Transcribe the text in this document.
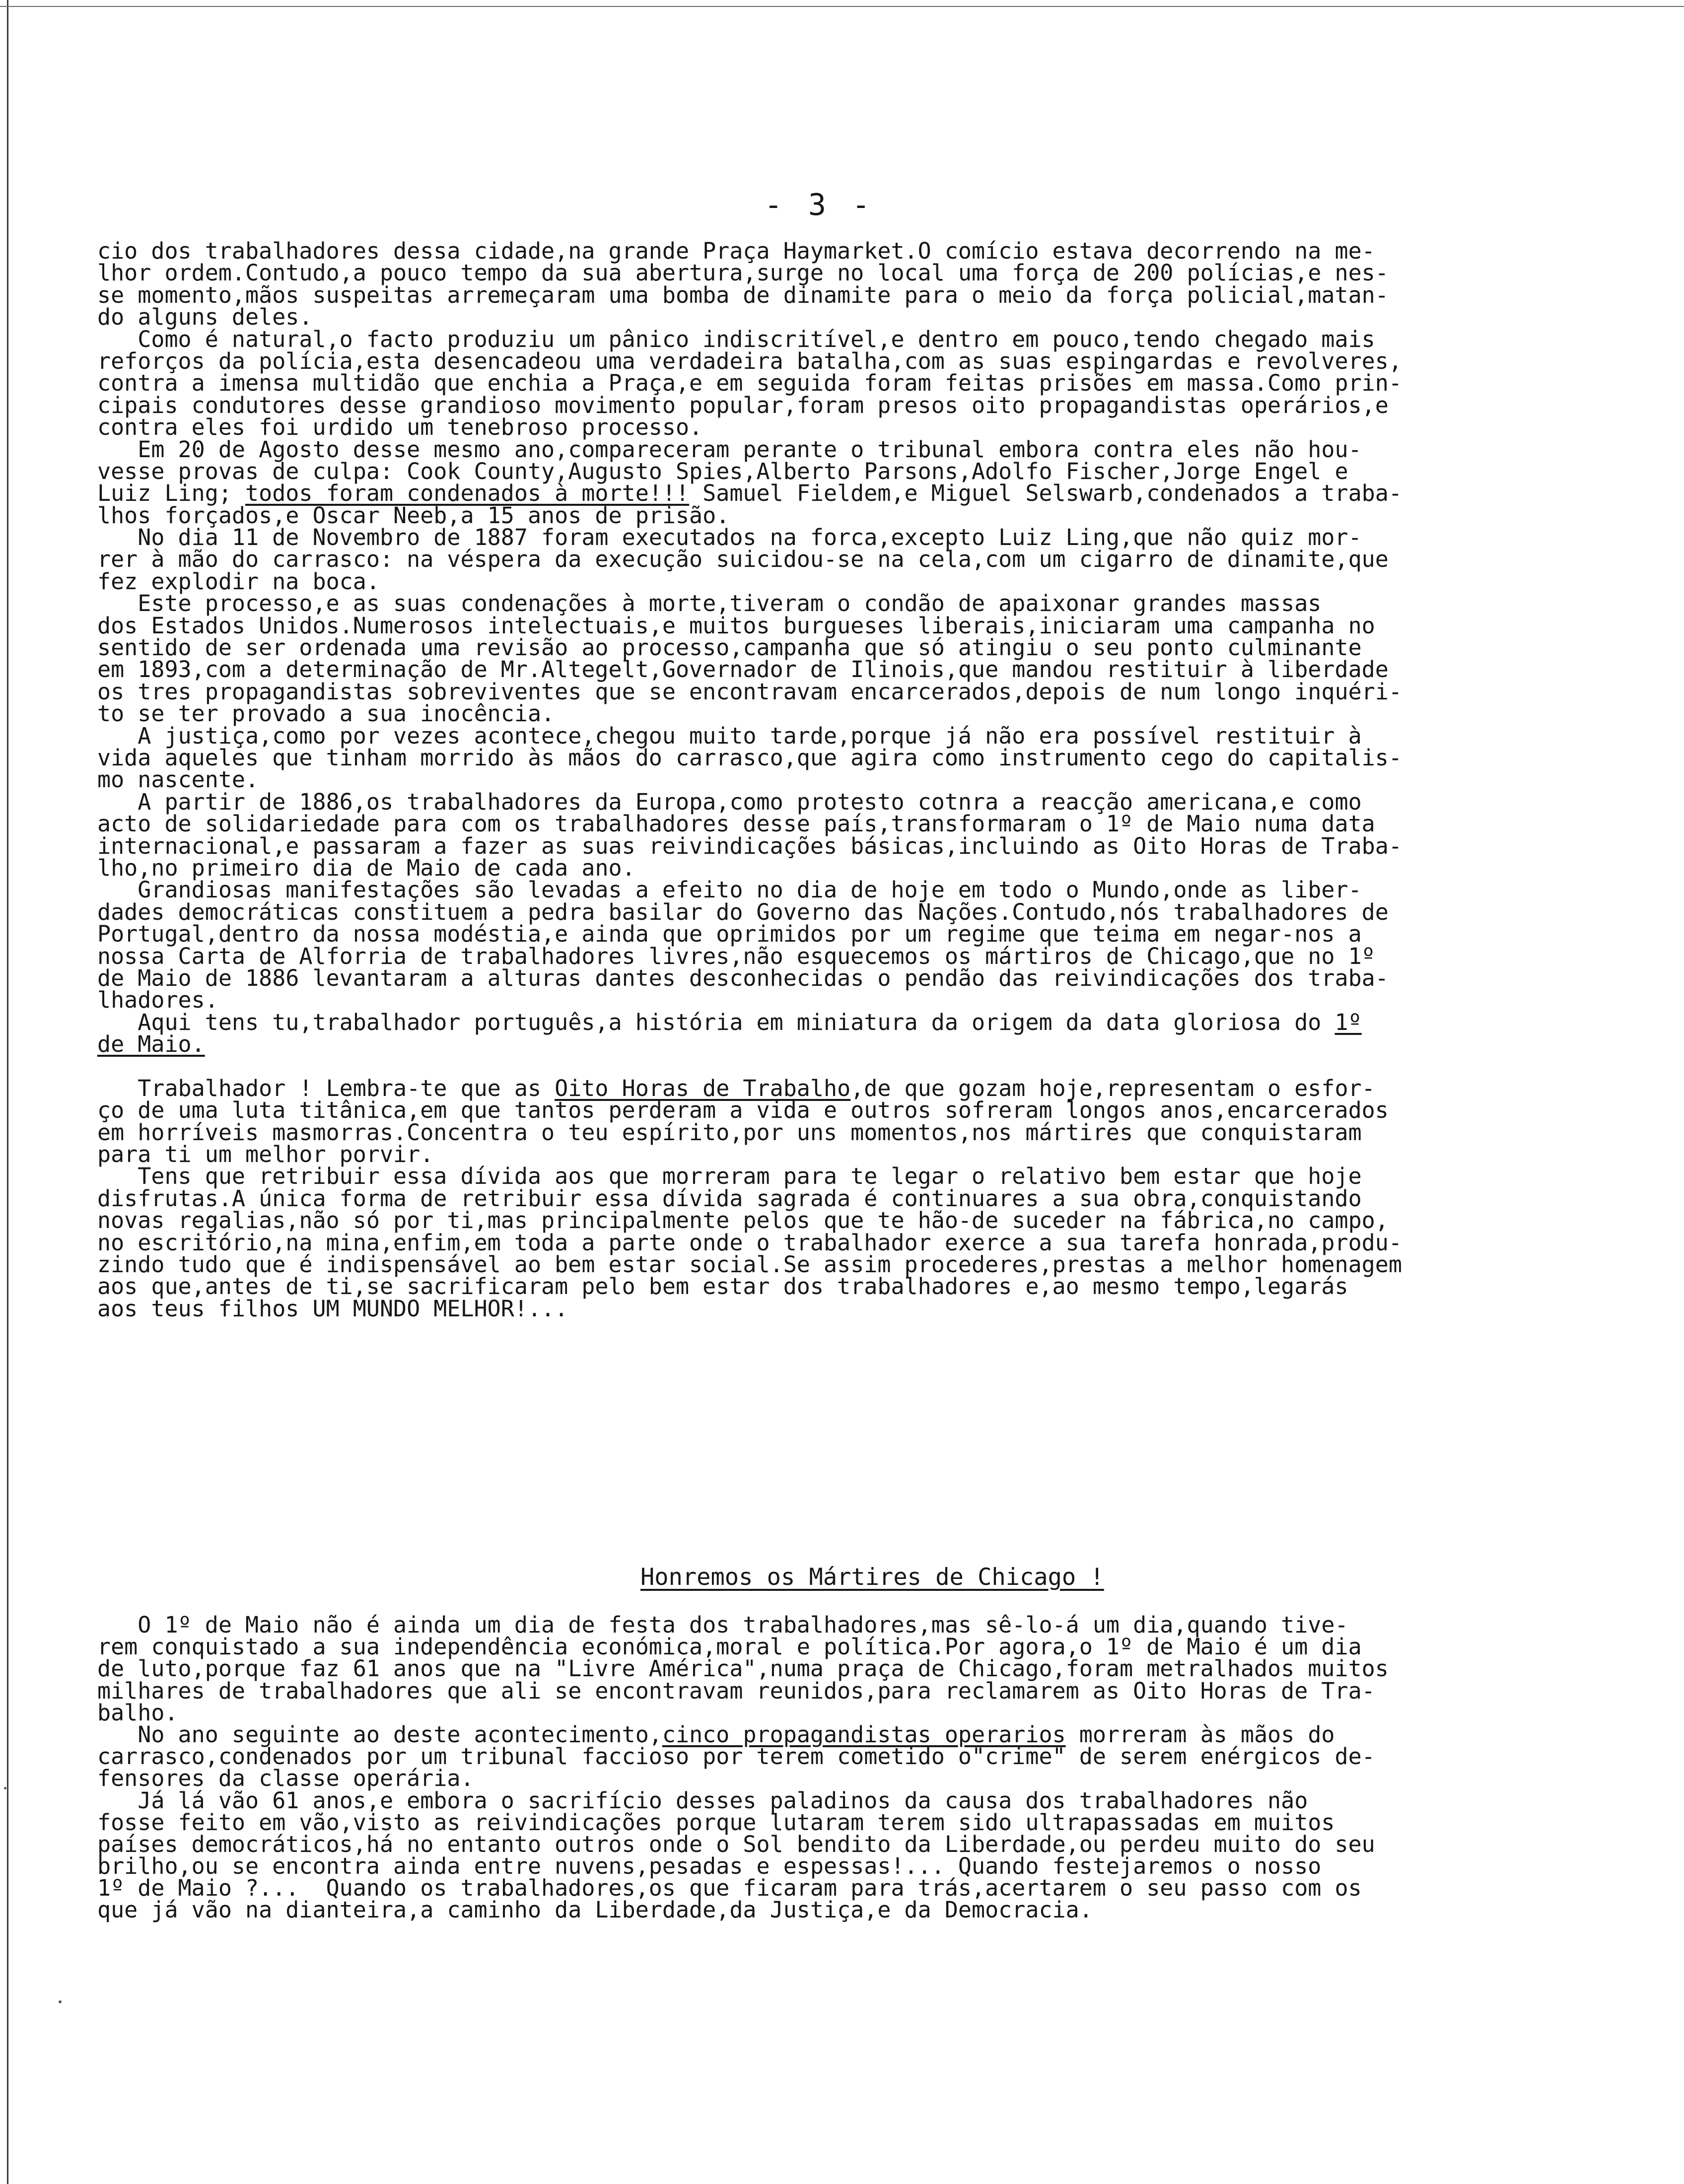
- 3 -
cio dos trabalhadores dessa cidade,na grande Praça Haymarket.O comício estava decorrendo na me-
lhor ordem.Contudo,a pouco tempo da sua abertura,surge no local uma força de 200 polícias,e nes-
se momento,mãos suspeitas arremeçaram uma bomba de dinamite para o meio da força policial,matan-
do alguns deles.
Como é natural,o facto produziu um pânico indiscritível,e dentro em pouco,tendo chegado mais
reforços da polícia,esta desencadeou uma verdadeira batalha,com as suas espingardas e revolveres,
contra a imensa multidão que enchia a Praça,e em seguida foram feitas prisões em massa.Como prin-
cipais condutores desse grandioso movimento popular,foram presos oito propagandistas operários,e
contra eles foi urdido um tenebroso processo.
Em 20 de Agosto desse mesmo ano,compareceram perante o tribunal embora contra eles não hou-
vesse provas de culpa: Cook County,Augusto Spies,Alberto Parsons,Adolfo Fischer,Jorge Engel e
Luiz Ling; todos foram condenados à morte!!! Samuel Fieldem,e Miguel Selswarb,condenados a traba-
lhos forçados,e Oscar Neeb,a 15 anos de prisão.
No dia 11 de Novembro de 1887 foram executados na forca,excepto Luiz Ling,que não quiz mor-
rer à mão do carrasco: na véspera da execução suicidou-se na cela,com um cigarro de dinamite,que
fez explodir na boca.
Este processo,e as suas condenações à morte,tiveram o condão de apaixonar grandes massas
dos Estados Unidos.Numerosos intelectuais,e muitos burgueses liberais,iniciaram uma campanha no
sentido de ser ordenada uma revisão ao processo,campanha que só atingiu o seu ponto culminante
em 1893,com a determinação de Mr.Altegelt,Governador de Ilinois,que mandou restituir à liberdade
os tres propagandistas sobreviventes que se encontravam encarcerados,depois de num longo inquéri-
to se ter provado a sua inocência.
A justiça,como por vezes acontece,chegou muito tarde,porque já não era possível restituir à
vida aqueles que tinham morrido às mãos do carrasco,que agira como instrumento cego do capitalis-
mo nascente.
A partir de 1886,os trabalhadores da Europa,como protesto cotnra a reacção americana,e como
acto de solidariedade para com os trabalhadores desse país,transformaram o 1º de Maio numa data
internacional,e passaram a fazer as suas reivindicações básicas,incluindo as Oito Horas de Traba-
lho,no primeiro dia de Maio de cada ano.
Grandiosas manifestações são levadas a efeito no dia de hoje em todo o Mundo,onde as liber-
dades democráticas constituem a pedra basilar do Governo das Nações.Contudo,nós trabalhadores de
Portugal,dentro da nossa modéstia,e ainda que oprimidos por um regime que teima em negar-nos a
nossa Carta de Alforria de trabalhadores livres,não esquecemos os mártiros de Chicago,que no 1º
de Maio de 1886 levantaram a alturas dantes desconhecidas o pendão das reivindicações dos traba-
lhadores.
Aqui tens tu,trabalhador português,a história em miniatura da origem da data gloriosa do 1º
de Maio.
Trabalhador ! Lembra-te que as Oito Horas de Trabalho,de que gozam hoje,representam o esfor-
ço de uma luta titânica,em que tantos perderam a vida e outros sofreram longos anos,encarcerados
em horríveis masmorras.Concentra o teu espírito,por uns momentos,nos mártires que conquistaram
para ti um melhor porvir.
Tens que retribuir essa dívida aos que morreram para te legar o relativo bem estar que hoje
disfrutas.A única forma de retribuir essa dívida sagrada é continuares a sua obra,conquistando
novas regalias,não só por ti,mas principalmente pelos que te hão-de suceder na fábrica,no campo,
no escritório,na mina,enfim,em toda a parte onde o trabalhador exerce a sua tarefa honrada,produ-
zindo tudo que é indispensável ao bem estar social.Se assim procederes,prestas a melhor homenagem
aos que,antes de ti,se sacrificaram pelo bem estar dos trabalhadores e,ao mesmo tempo,legarás
aos teus filhos UM MUNDO MELHOR!...
Honremos os Mártires de Chicago !
O 1º de Maio não é ainda um dia de festa dos trabalhadores,mas sê-lo-á um dia,quando tive-
rem conquistado a sua independência económica,moral e política.Por agora,o 1º de Maio é um dia
de luto,porque faz 61 anos que na "Livre América",numa praça de Chicago,foram metralhados muitos
milhares de trabalhadores que ali se encontravam reunidos,para reclamarem as Oito Horas de Tra-
balho.
No ano seguinte ao deste acontecimento,cinco propagandistas operarios morreram às mãos do
carrasco,condenados por um tribunal faccioso por terem cometido o"crime" de serem enérgicos de-
fensores da classe operária.
Já lá vão 61 anos,e embora o sacrifício desses paladinos da causa dos trabalhadores não
fosse feito em vão,visto as reivindicações porque lutaram terem sido ultrapassadas em muitos
países democráticos,há no entanto outros onde o Sol bendito da Liberdade,ou perdeu muito do seu
brilho,ou se encontra ainda entre nuvens,pesadas e espessas!... Quando festejaremos o nosso
1º de Maio ?...  Quando os trabalhadores,os que ficaram para trás,acertarem o seu passo com os
que já vão na dianteira,a caminho da Liberdade,da Justiça,e da Democracia.
